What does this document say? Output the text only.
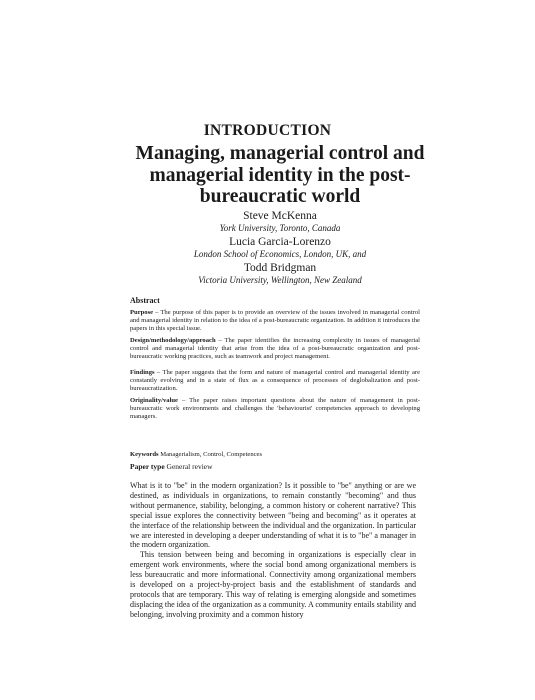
INTRODUCTION
Managing, managerial control and managerial identity in the post-bureaucratic world
Steve McKenna
York University, Toronto, Canada
Lucia Garcia-Lorenzo
London School of Economics, London, UK, and
Todd Bridgman
Victoria University, Wellington, New Zealand
Abstract
Purpose – The purpose of this paper is to provide an overview of the issues involved in managerial control and managerial identity in relation to the idea of a post-bureaucratic organization. In addition it introduces the papers in this special issue.
Design/methodology/approach – The paper identifies the increasing complexity in issues of managerial control and managerial identity that arise from the idea of a post-bureaucratic organization and post-bureaucratic working practices, such as teamwork and project management.
Findings – The paper suggests that the form and nature of managerial control and managerial identity are constantly evolving and in a state of flux as a consequence of processes of deglobalization and post-bureaucratization.
Originality/value – The paper raises important questions about the nature of management in post-bureaucratic work environments and challenges the 'behaviourist' competencies approach to developing managers.
Keywords Managerialism, Control, Competences
Paper type General review

What is it to "be" in the modern organization? Is it possible to "be" anything or are we destined, as individuals in organizations, to remain constantly "becoming" and thus without permanence, stability, belonging, a common history or coherent narrative? This special issue explores the connectivity between "being and becoming" as it operates at the interface of the relationship between the individual and the organization. In particular we are interested in developing a deeper understanding of what it is to "be" a manager in the modern organization.

This tension between being and becoming in organizations is especially clear in emergent work environments, where the social bond among organizational members is less bureaucratic and more informational. Connectivity among organizational members is developed on a project-by-project basis and the establishment of standards and protocols that are temporary. This way of relating is emerging alongside and sometimes displacing the idea of the organization as a community. A community entails stability and belonging, involving proximity and a common history
